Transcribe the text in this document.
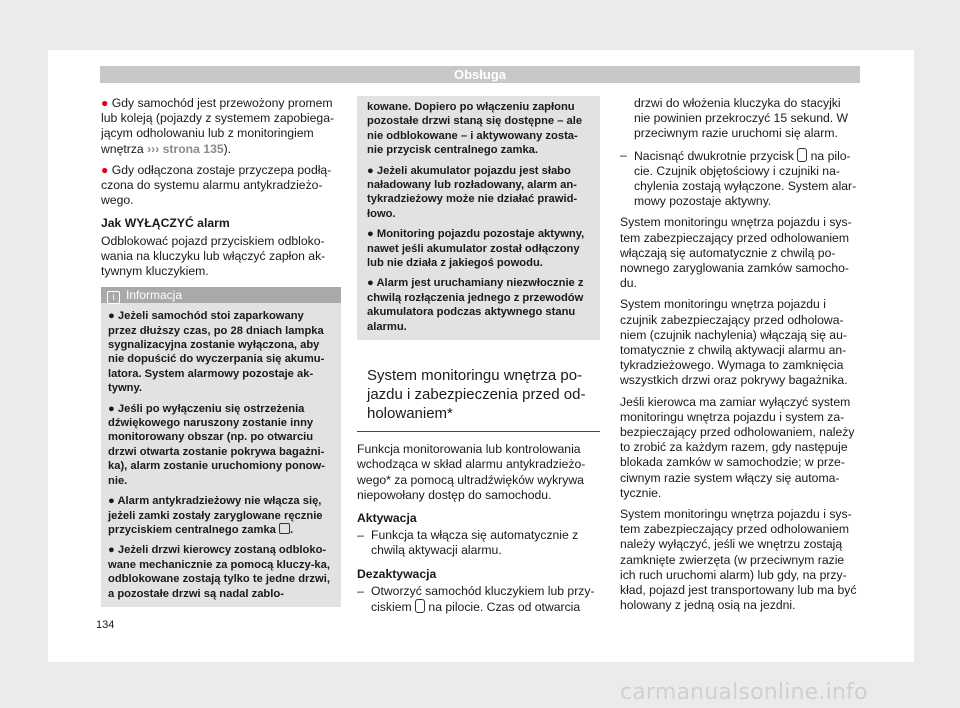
Obsługa

● Gdy samochód jest przewożony promem lub koleją (pojazdy z systemem zapobiega-jącym odholowaniu lub z monitoringiem wnętrza ››› strona 135).

● Gdy odłączona zostaje przyczepa podłą-czona do systemu alarmu antykradzieżo-wego.

Jak WYŁĄCZYĆ alarm

Odblokować pojazd przyciskiem odbloko-wania na kluczyku lub włączyć zapłon ak-tywnym kluczykiem.

i Informacja

● Jeżeli samochód stoi zaparkowany przez dłuższy czas, po 28 dniach lampka sygnalizacyjna zostanie wyłączona, aby nie dopuścić do wyczerpania się akumu-latora. System alarmowy pozostaje ak-tywny.

● Jeśli po wyłączeniu się ostrzeżenia dźwiękowego naruszony zostanie inny monitorowany obszar (np. po otwarciu drzwi otwarta zostanie pokrywa bagażni-ka), alarm zostanie uruchomiony ponow-nie.

● Alarm antykradzieżowy nie włącza się, jeżeli zamki zostały zaryglowane ręcznie przyciskiem centralnego zamka .

● Jeżeli drzwi kierowcy zostaną odbloko-wane mechanicznie za pomocą kluczy-ka, odblokowane zostają tylko te jedne drzwi, a pozostałe drzwi są nadal zablo-

kowane. Dopiero po włączeniu zapłonu pozostałe drzwi staną się dostępne – ale nie odblokowane – i aktywowany zosta-nie przycisk centralnego zamka.

● Jeżeli akumulator pojazdu jest słabo naładowany lub rozładowany, alarm an-tykradzieżowy może nie działać prawid-łowo.

● Monitoring pojazdu pozostaje aktywny, nawet jeśli akumulator został odłączony lub nie działa z jakiegoś powodu.

● Alarm jest uruchamiany niezwłocznie z chwilą rozłączenia jednego z przewodów akumulatora podczas aktywnego stanu alarmu.

System monitoringu wnętrza po-jazdu i zabezpieczenia przed od-holowaniem*

Funkcja monitorowania lub kontrolowania wchodząca w skład alarmu antykradzieżo-wego* za pomocą ultradźwięków wykrywa niepowołany dostęp do samochodu.

Aktywacja
– Funkcja ta włącza się automatycznie z chwilą aktywacji alarmu.
Dezaktywacja
– Otworzyć samochód kluczykiem lub przy-ciskiem na pilocie. Czas od otwarcia

drzwi do włożenia kluczyka do stacyjki nie powinien przekroczyć 15 sekund. W przeciwnym razie uruchomi się alarm.

– Nacisnąć dwukrotnie przycisk na pilo-cie. Czujnik objętościowy i czujniki na-chylenia zostają wyłączone. System alar-mowy pozostaje aktywny.

System monitoringu wnętrza pojazdu i sys-tem zabezpieczający przed odholowaniem włączają się automatycznie z chwilą po-nownego zaryglowania zamków samocho-du.

System monitoringu wnętrza pojazdu i czujnik zabezpieczający przed odholowa-niem (czujnik nachylenia) włączają się au-tomatycznie z chwilą aktywacji alarmu an-tykradzieżowego. Wymaga to zamknięcia wszystkich drzwi oraz pokrywy bagażnika.

Jeśli kierowca ma zamiar wyłączyć system monitoringu wnętrza pojazdu i system za-bezpieczający przed odholowaniem, należy to zrobić za każdym razem, gdy następuje blokada zamków w samochodzie; w prze-ciwnym razie system włączy się automa-tycznie.

System monitoringu wnętrza pojazdu i sys-tem zabezpieczający przed odholowaniem należy wyłączyć, jeśli we wnętrzu zostają zamknięte zwierzęta (w przeciwnym razie ich ruch uruchomi alarm) lub gdy, na przy-kład, pojazd jest transportowany lub ma być holowany z jedną osią na jezdni.

134
carmanualsonline.info
